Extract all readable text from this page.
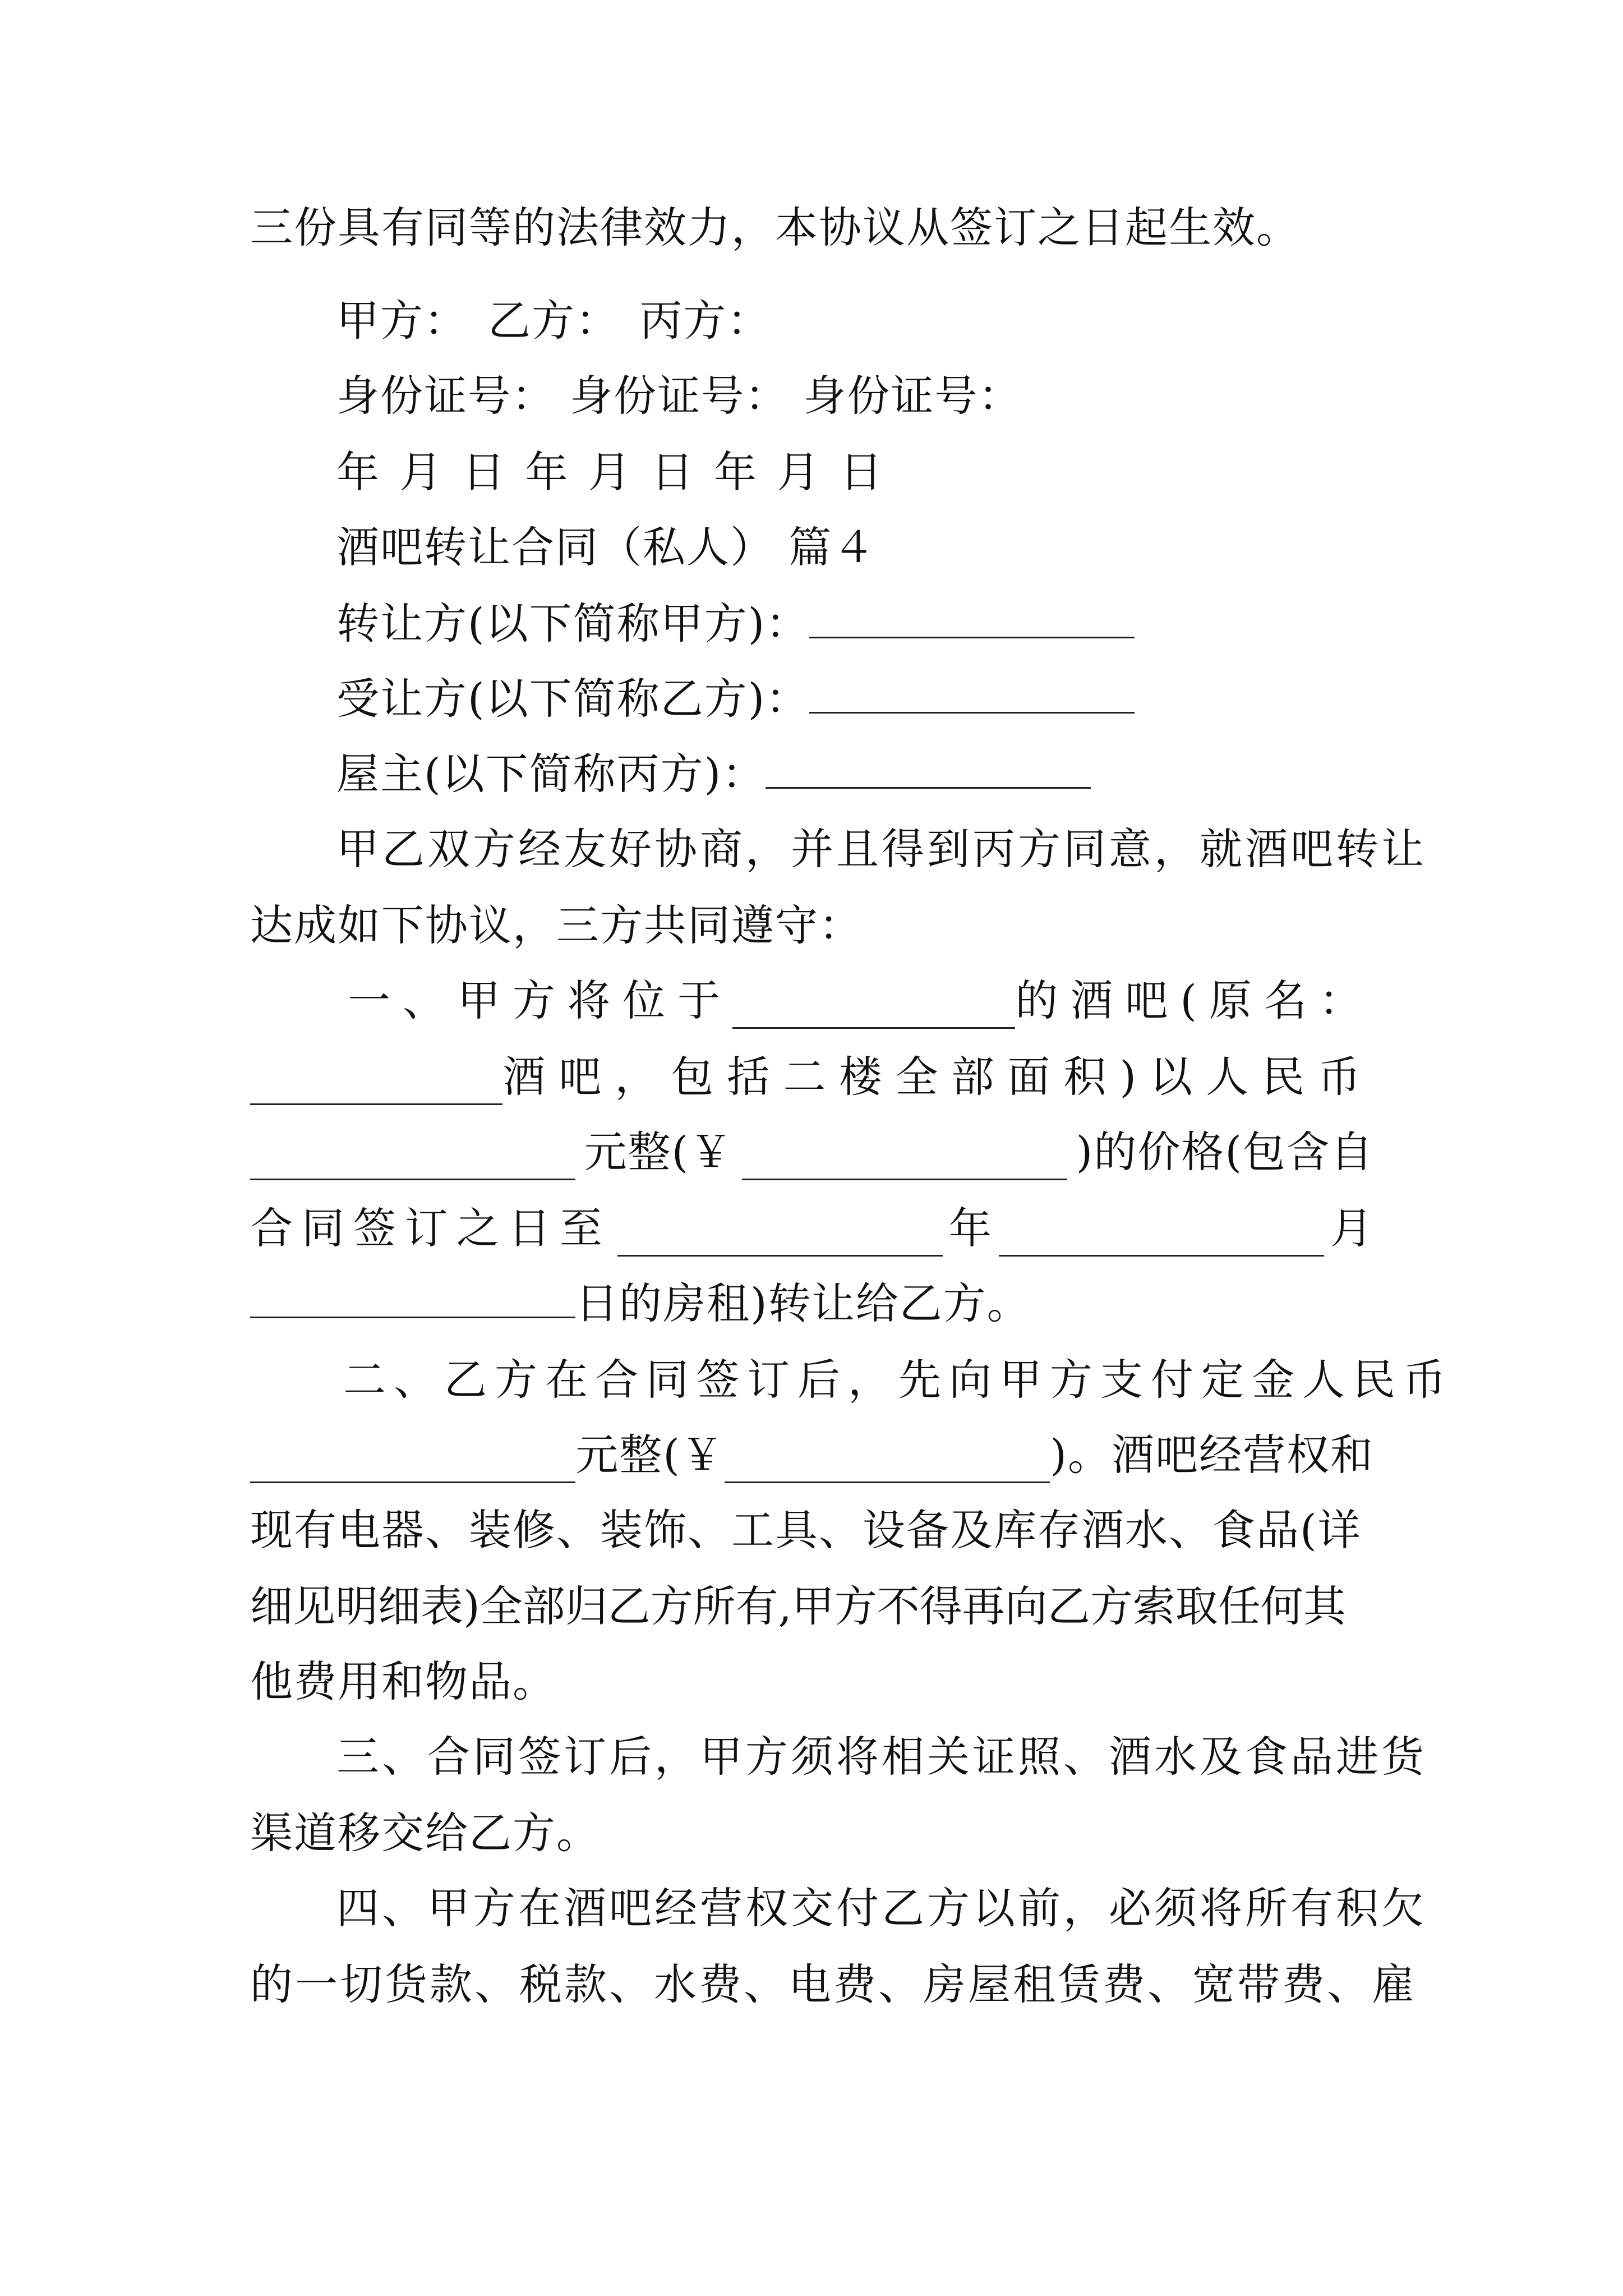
三份具有同等的法律效力，本协议从签订之日起生效。
甲方： 乙方： 丙方：
身份证号： 身份证号： 身份证号：
年 月 日 年 月 日 年 月 日
酒吧转让合同（私人） 篇４
转让方(以下简称甲方)：
受让方(以下简称乙方)：
屋主(以下简称丙方)：
甲乙双方经友好协商，并且得到丙方同意，就酒吧转让
达成如下协议，三方共同遵守：
一、甲方将位于	的酒吧(原名：
酒吧，包括二楼全部面积)以人民币
元整(￥	)的价格(包含自
合同签订之日至	年	月
日的房租)转让给乙方。
二、乙方在合同签订后，先向甲方支付定金人民币
元整(￥	)。酒吧经营权和
现有电器、装修、装饰、工具、设备及库存酒水、食品(详
细见明细表)全部归乙方所有,甲方不得再向乙方索取任何其
他费用和物品。
三、合同签订后，甲方须将相关证照、酒水及食品进货
渠道移交给乙方。
四、甲方在酒吧经营权交付乙方以前，必须将所有积欠
的一切货款、税款、水费、电费、房屋租赁费、宽带费、雇
